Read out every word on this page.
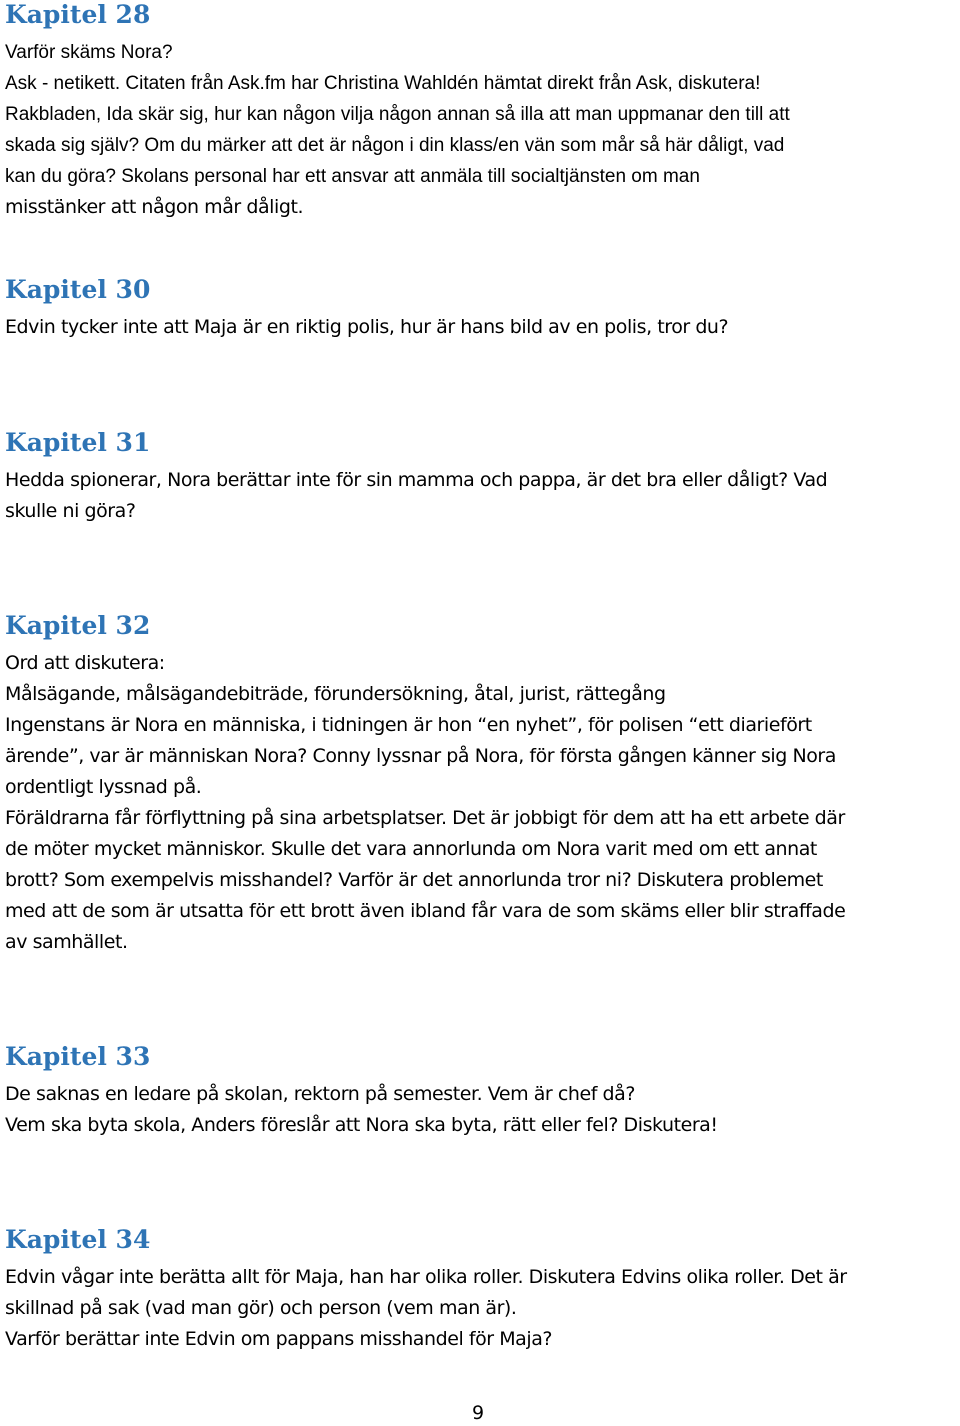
Kapitel 28

Varför skäms Nora?

Ask - netikett. Citaten från Ask.fm har Christina Wahldén hämtat direkt från Ask, diskutera!

Rakbladen, Ida skär sig, hur kan någon vilja någon annan så illa att man uppmanar den till att

skada sig själv? Om du märker att det är någon i din klass/en vän som mår så här dåligt, vad

kan du göra? Skolans personal har ett ansvar att anmäla till socialtjänsten om man

misstänker att någon mår dåligt.

Kapitel 30

Edvin tycker inte att Maja är en riktig polis, hur är hans bild av en polis, tror du?

Kapitel 31

Hedda spionerar, Nora berättar inte för sin mamma och pappa, är det bra eller dåligt? Vad

skulle ni göra?

Kapitel 32

Ord att diskutera:

Målsägande, målsägandebiträde, förundersökning, åtal, jurist, rättegång

Ingenstans är Nora en människa, i tidningen är hon “en nyhet”, för polisen “ett diariefört

ärende”, var är människan Nora? Conny lyssnar på Nora, för första gången känner sig Nora

ordentligt lyssnad på.

Föräldrarna får förflyttning på sina arbetsplatser. Det är jobbigt för dem att ha ett arbete där

de möter mycket människor. Skulle det vara annorlunda om Nora varit med om ett annat

brott? Som exempelvis misshandel? Varför är det annorlunda tror ni? Diskutera problemet

med att de som är utsatta för ett brott även ibland får vara de som skäms eller blir straffade

av samhället.

Kapitel 33

De saknas en ledare på skolan, rektorn på semester. Vem är chef då?

Vem ska byta skola, Anders föreslår att Nora ska byta, rätt eller fel? Diskutera!

Kapitel 34

Edvin vågar inte berätta allt för Maja, han har olika roller. Diskutera Edvins olika roller. Det är

skillnad på sak (vad man gör) och person (vem man är).

Varför berättar inte Edvin om pappans misshandel för Maja?

9
